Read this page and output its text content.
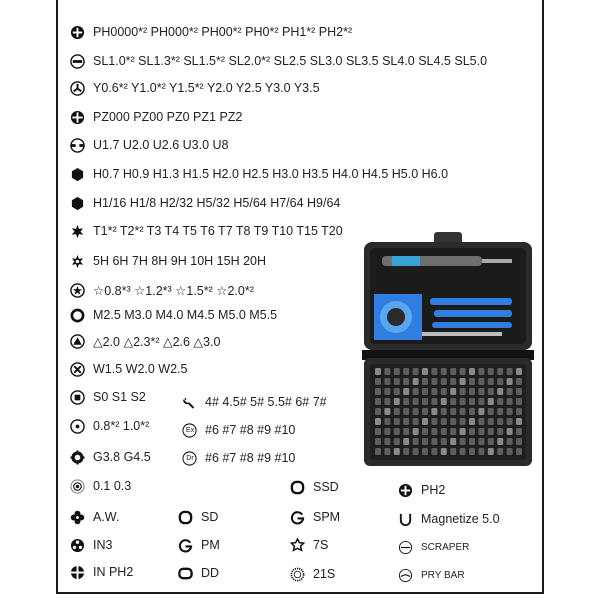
PH0000*² PH000*² PH00*² PH0*² PH1*² PH2*²
SL1.0*² SL1.3*² SL1.5*² SL2.0*² SL2.5 SL3.0 SL3.5 SL4.0 SL4.5 SL5.0
Y0.6*² Y1.0*² Y1.5*² Y2.0 Y2.5 Y3.0 Y3.5
PZ000 PZ00 PZ0 PZ1 PZ2
U1.7 U2.0 U2.6 U3.0 U8
H0.7 H0.9 H1.3 H1.5 H2.0 H2.5 H3.0 H3.5 H4.0 H4.5 H5.0 H6.0
H1/16 H1/8 H2/32 H5/32 H5/64 H7/64 H9/64
T1*² T2*² T3 T4 T5 T6 T7 T8 T9 T10 T15 T20
5H 6H 7H 8H 9H 10H 15H 20H
☆0.8*³ ☆1.2*³ ☆1.5*² ☆2.0*²
M2.5 M3.0 M4.0 M4.5 M5.0 M5.5
△2.0 △2.3*² △2.6 △3.0
W1.5 W2.0 W2.5
S0 S1 S2
0.8*² 1.0*²
G3.8 G4.5
0.1 0.3
4# 4.5# 5# 5.5# 6# 7#
Ex #6 #7 #8 #9 #10
Dr #6 #7 #8 #9 #10
A.W.
IN3
IN PH2
SD
PM
DD
SSD
SPM
7S
21S
PH2
Magnetize 5.0
SCRAPER
PRY BAR
